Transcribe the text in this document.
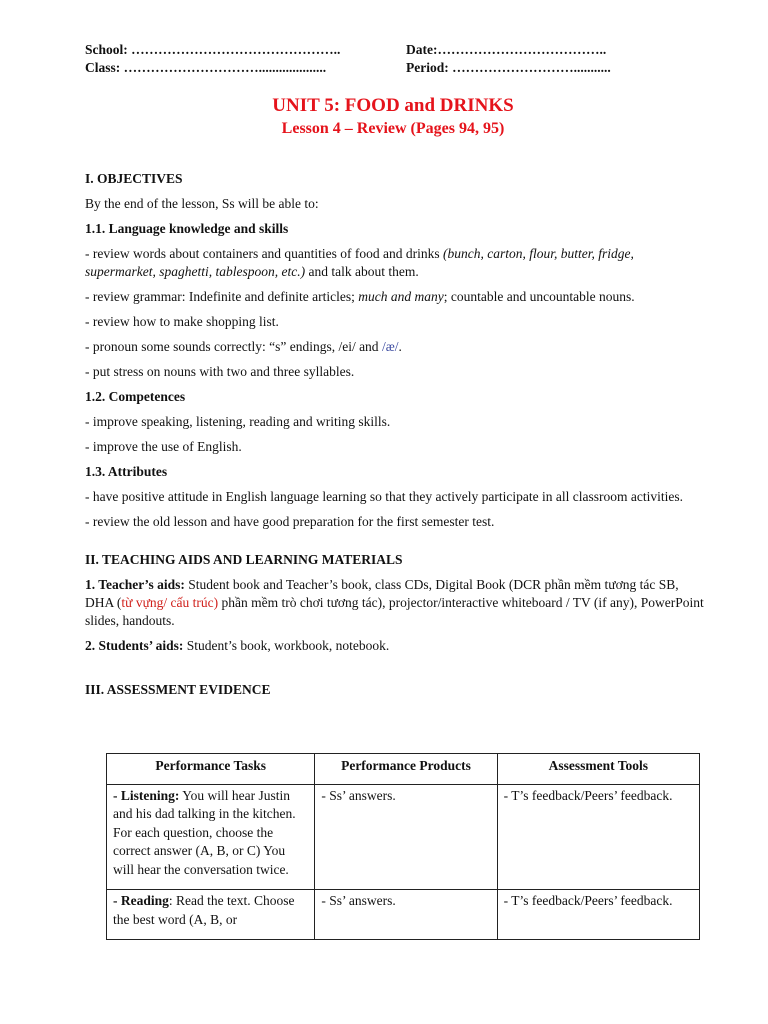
School: ………………………………………..	Date:………………………………..
Class: …………………………....................	Period: ………………………...........
UNIT 5: FOOD and DRINKS
Lesson 4 – Review (Pages 94, 95)

I. OBJECTIVES

By the end of the lesson, Ss will be able to:

1.1. Language knowledge and skills

- review words about containers and quantities of food and drinks (bunch, carton, flour, butter, fridge, supermarket, spaghetti, tablespoon, etc.) and talk about them.

- review grammar: Indefinite and definite articles; much and many; countable and uncountable nouns.

- review how to make shopping list.

- pronoun some sounds correctly: “s” endings, /ei/ and /æ/.

- put stress on nouns with two and three syllables.

1.2. Competences

- improve speaking, listening, reading and writing skills.

- improve the use of English.

1.3. Attributes

- have positive attitude in English language learning so that they actively participate in all classroom activities.

- review the old lesson and have good preparation for the first semester test.

II. TEACHING AIDS AND LEARNING MATERIALS

1. Teacher’s aids: Student book and Teacher’s book, class CDs, Digital Book (DCR phần mềm tương tác SB, DHA (từ vựng/ cấu trúc) phần mềm trò chơi tương tác), projector/interactive whiteboard / TV (if any), PowerPoint slides, handouts.

2. Students’ aids: Student’s book, workbook, notebook.

III. ASSESSMENT EVIDENCE

Performance Tasks	Performance Products	Assessment Tools

- Listening: You will hear Justin and his dad talking in the kitchen. For each question, choose the correct answer (A, B, or C) You will hear the conversation twice.	- Ss’ answers.	- T’s feedback/Peers’ feedback.

- Reading: Read the text. Choose the best word (A, B, or	- Ss’ answers.	- T’s feedback/Peers’ feedback.
